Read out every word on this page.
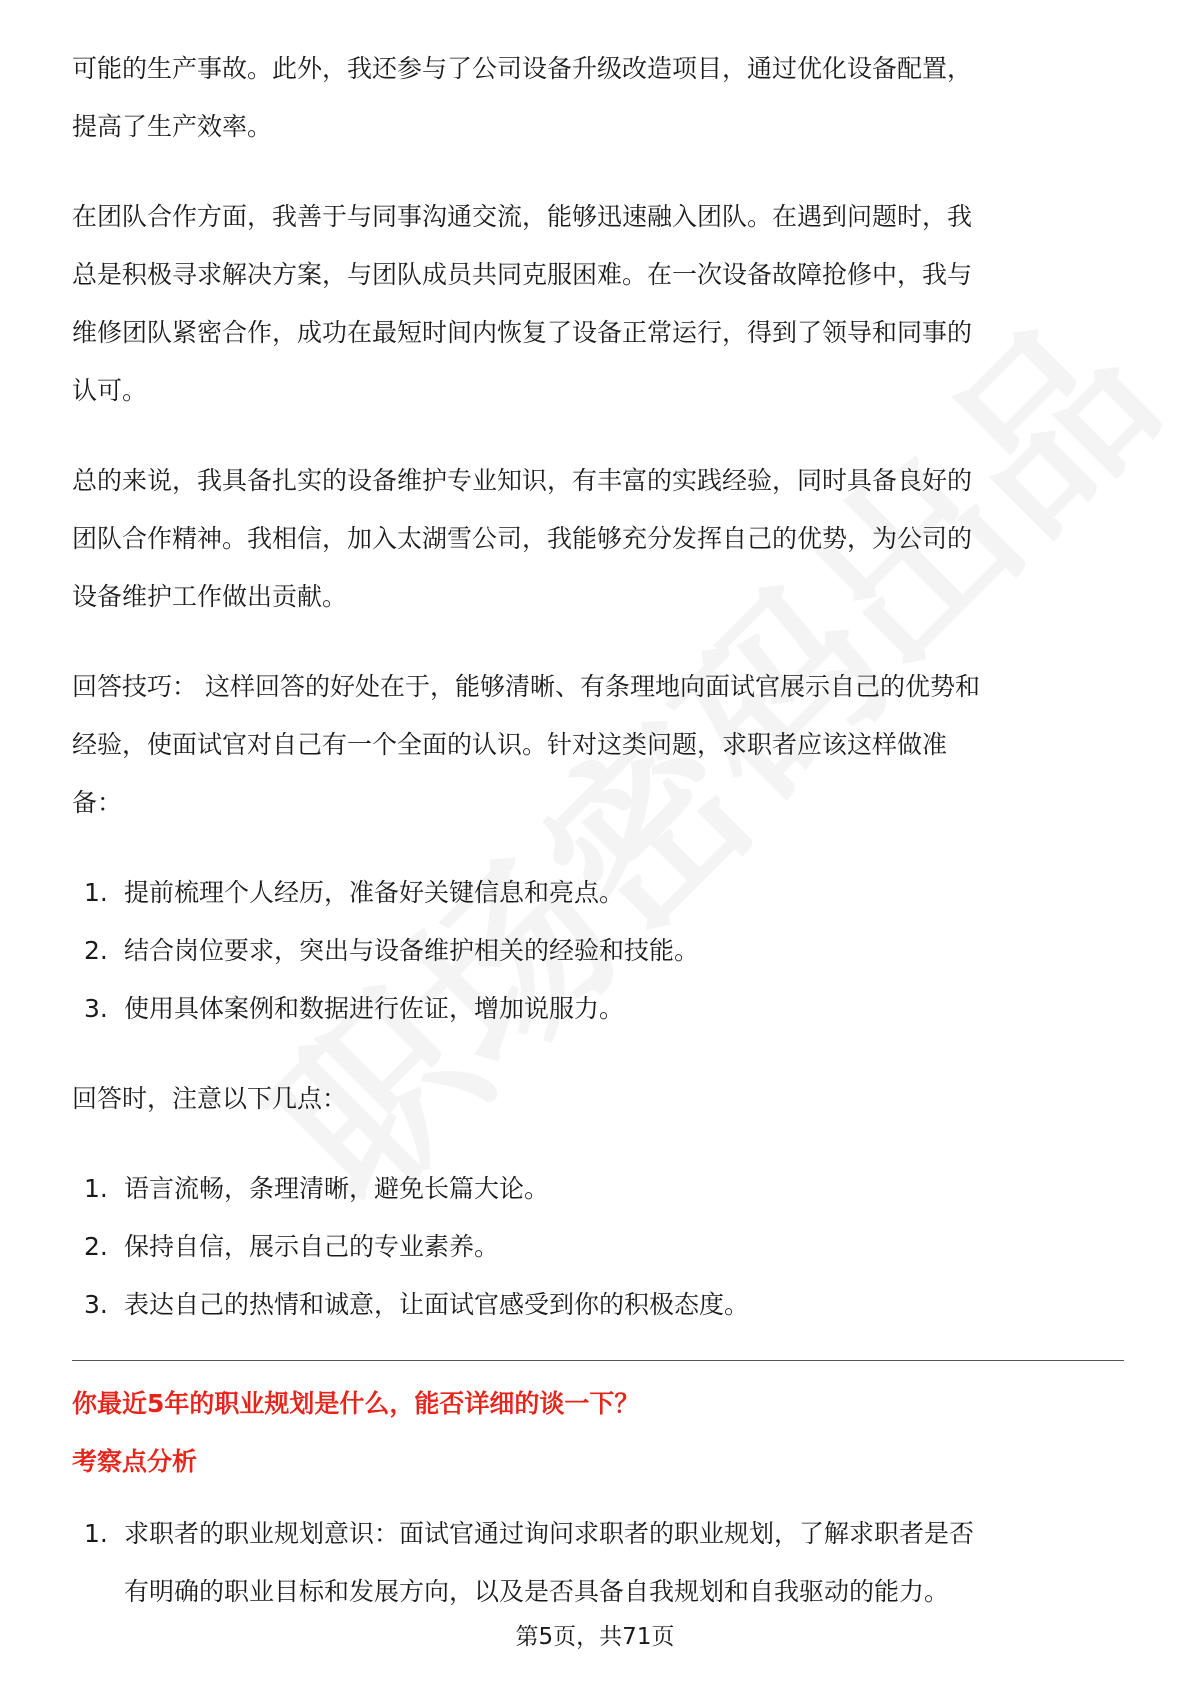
可能的生产事故。此外，我还参与了公司设备升级改造项目，通过优化设备配置，
提高了生产效率。

在团队合作方面，我善于与同事沟通交流，能够迅速融入团队。在遇到问题时，我
总是积极寻求解决方案，与团队成员共同克服困难。在一次设备故障抢修中，我与
维修团队紧密合作，成功在最短时间内恢复了设备正常运行，得到了领导和同事的
认可。

总的来说，我具备扎实的设备维护专业知识，有丰富的实践经验，同时具备良好的
团队合作精神。我相信，加入太湖雪公司，我能够充分发挥自己的优势，为公司的
设备维护工作做出贡献。

回答技巧： 这样回答的好处在于，能够清晰、有条理地向面试官展示自己的优势和
经验，使面试官对自己有一个全面的认识。针对这类问题，求职者应该这样做准
备：

1. 提前梳理个人经历，准备好关键信息和亮点。
2. 结合岗位要求，突出与设备维护相关的经验和技能。
3. 使用具体案例和数据进行佐证，增加说服力。

回答时，注意以下几点：

1. 语言流畅，条理清晰，避免长篇大论。
2. 保持自信，展示自己的专业素养。
3. 表达自己的热情和诚意，让面试官感受到你的积极态度。

你最近5年的职业规划是什么，能否详细的谈一下？

考察点分析

1. 求职者的职业规划意识：面试官通过询问求职者的职业规划，了解求职者是否
有明确的职业目标和发展方向，以及是否具备自我规划和自我驱动的能力。
第5页，共71页
